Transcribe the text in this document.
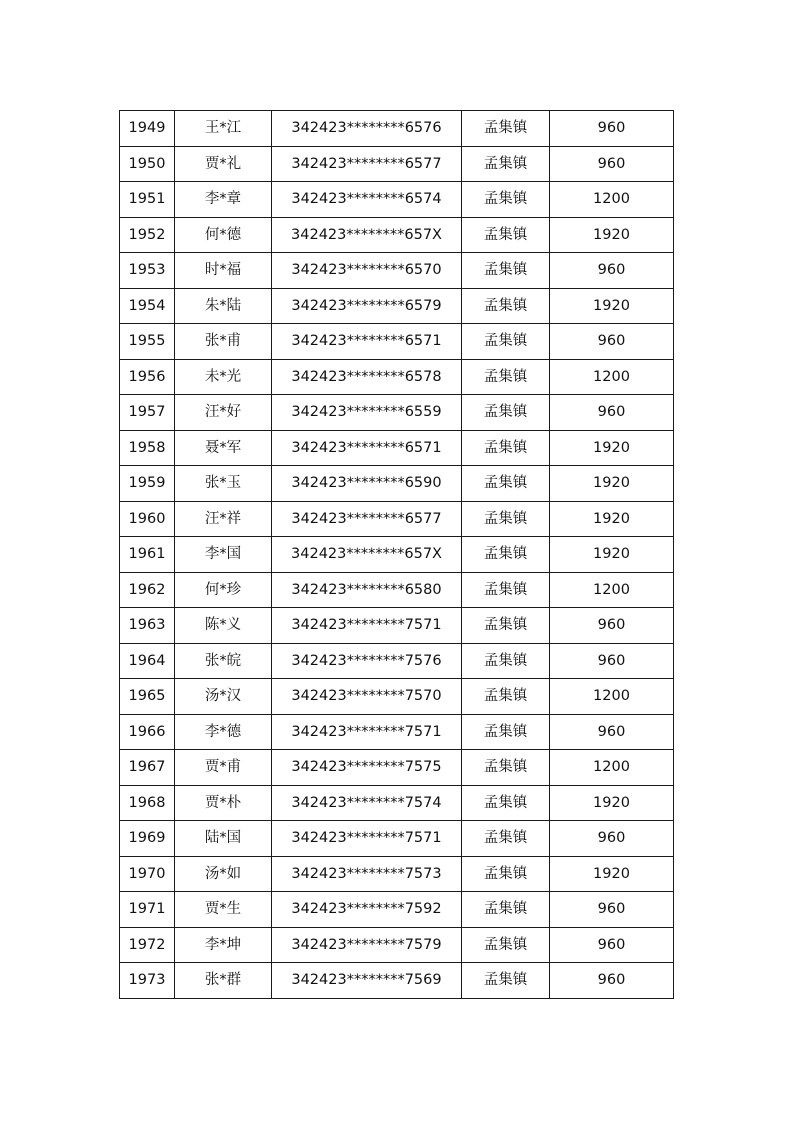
1949	王*江	342423********6576	孟集镇	960
1950	贾*礼	342423********6577	孟集镇	960
1951	李*章	342423********6574	孟集镇	1200
1952	何*德	342423********657X	孟集镇	1920
1953	时*福	342423********6570	孟集镇	960
1954	朱*陆	342423********6579	孟集镇	1920
1955	张*甫	342423********6571	孟集镇	960
1956	未*光	342423********6578	孟集镇	1200
1957	汪*好	342423********6559	孟集镇	960
1958	聂*军	342423********6571	孟集镇	1920
1959	张*玉	342423********6590	孟集镇	1920
1960	汪*祥	342423********6577	孟集镇	1920
1961	李*国	342423********657X	孟集镇	1920
1962	何*珍	342423********6580	孟集镇	1200
1963	陈*义	342423********7571	孟集镇	960
1964	张*皖	342423********7576	孟集镇	960
1965	汤*汉	342423********7570	孟集镇	1200
1966	李*德	342423********7571	孟集镇	960
1967	贾*甫	342423********7575	孟集镇	1200
1968	贾*朴	342423********7574	孟集镇	1920
1969	陆*国	342423********7571	孟集镇	960
1970	汤*如	342423********7573	孟集镇	1920
1971	贾*生	342423********7592	孟集镇	960
1972	李*坤	342423********7579	孟集镇	960
1973	张*群	342423********7569	孟集镇	960
